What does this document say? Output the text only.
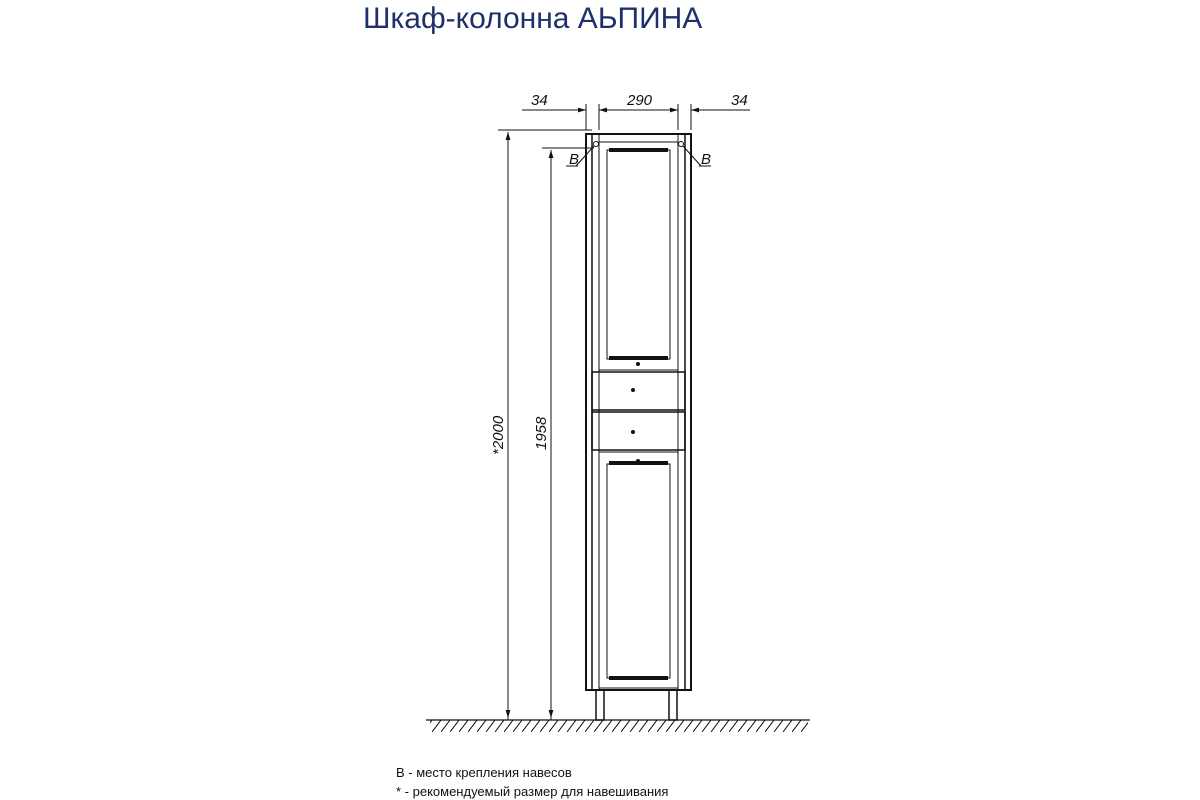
Шкаф-колонна АЬПИНА
34	290	34
*2000 1958
В	В
В - место крепления навесов
* - рекомендуемый размер для навешивания
